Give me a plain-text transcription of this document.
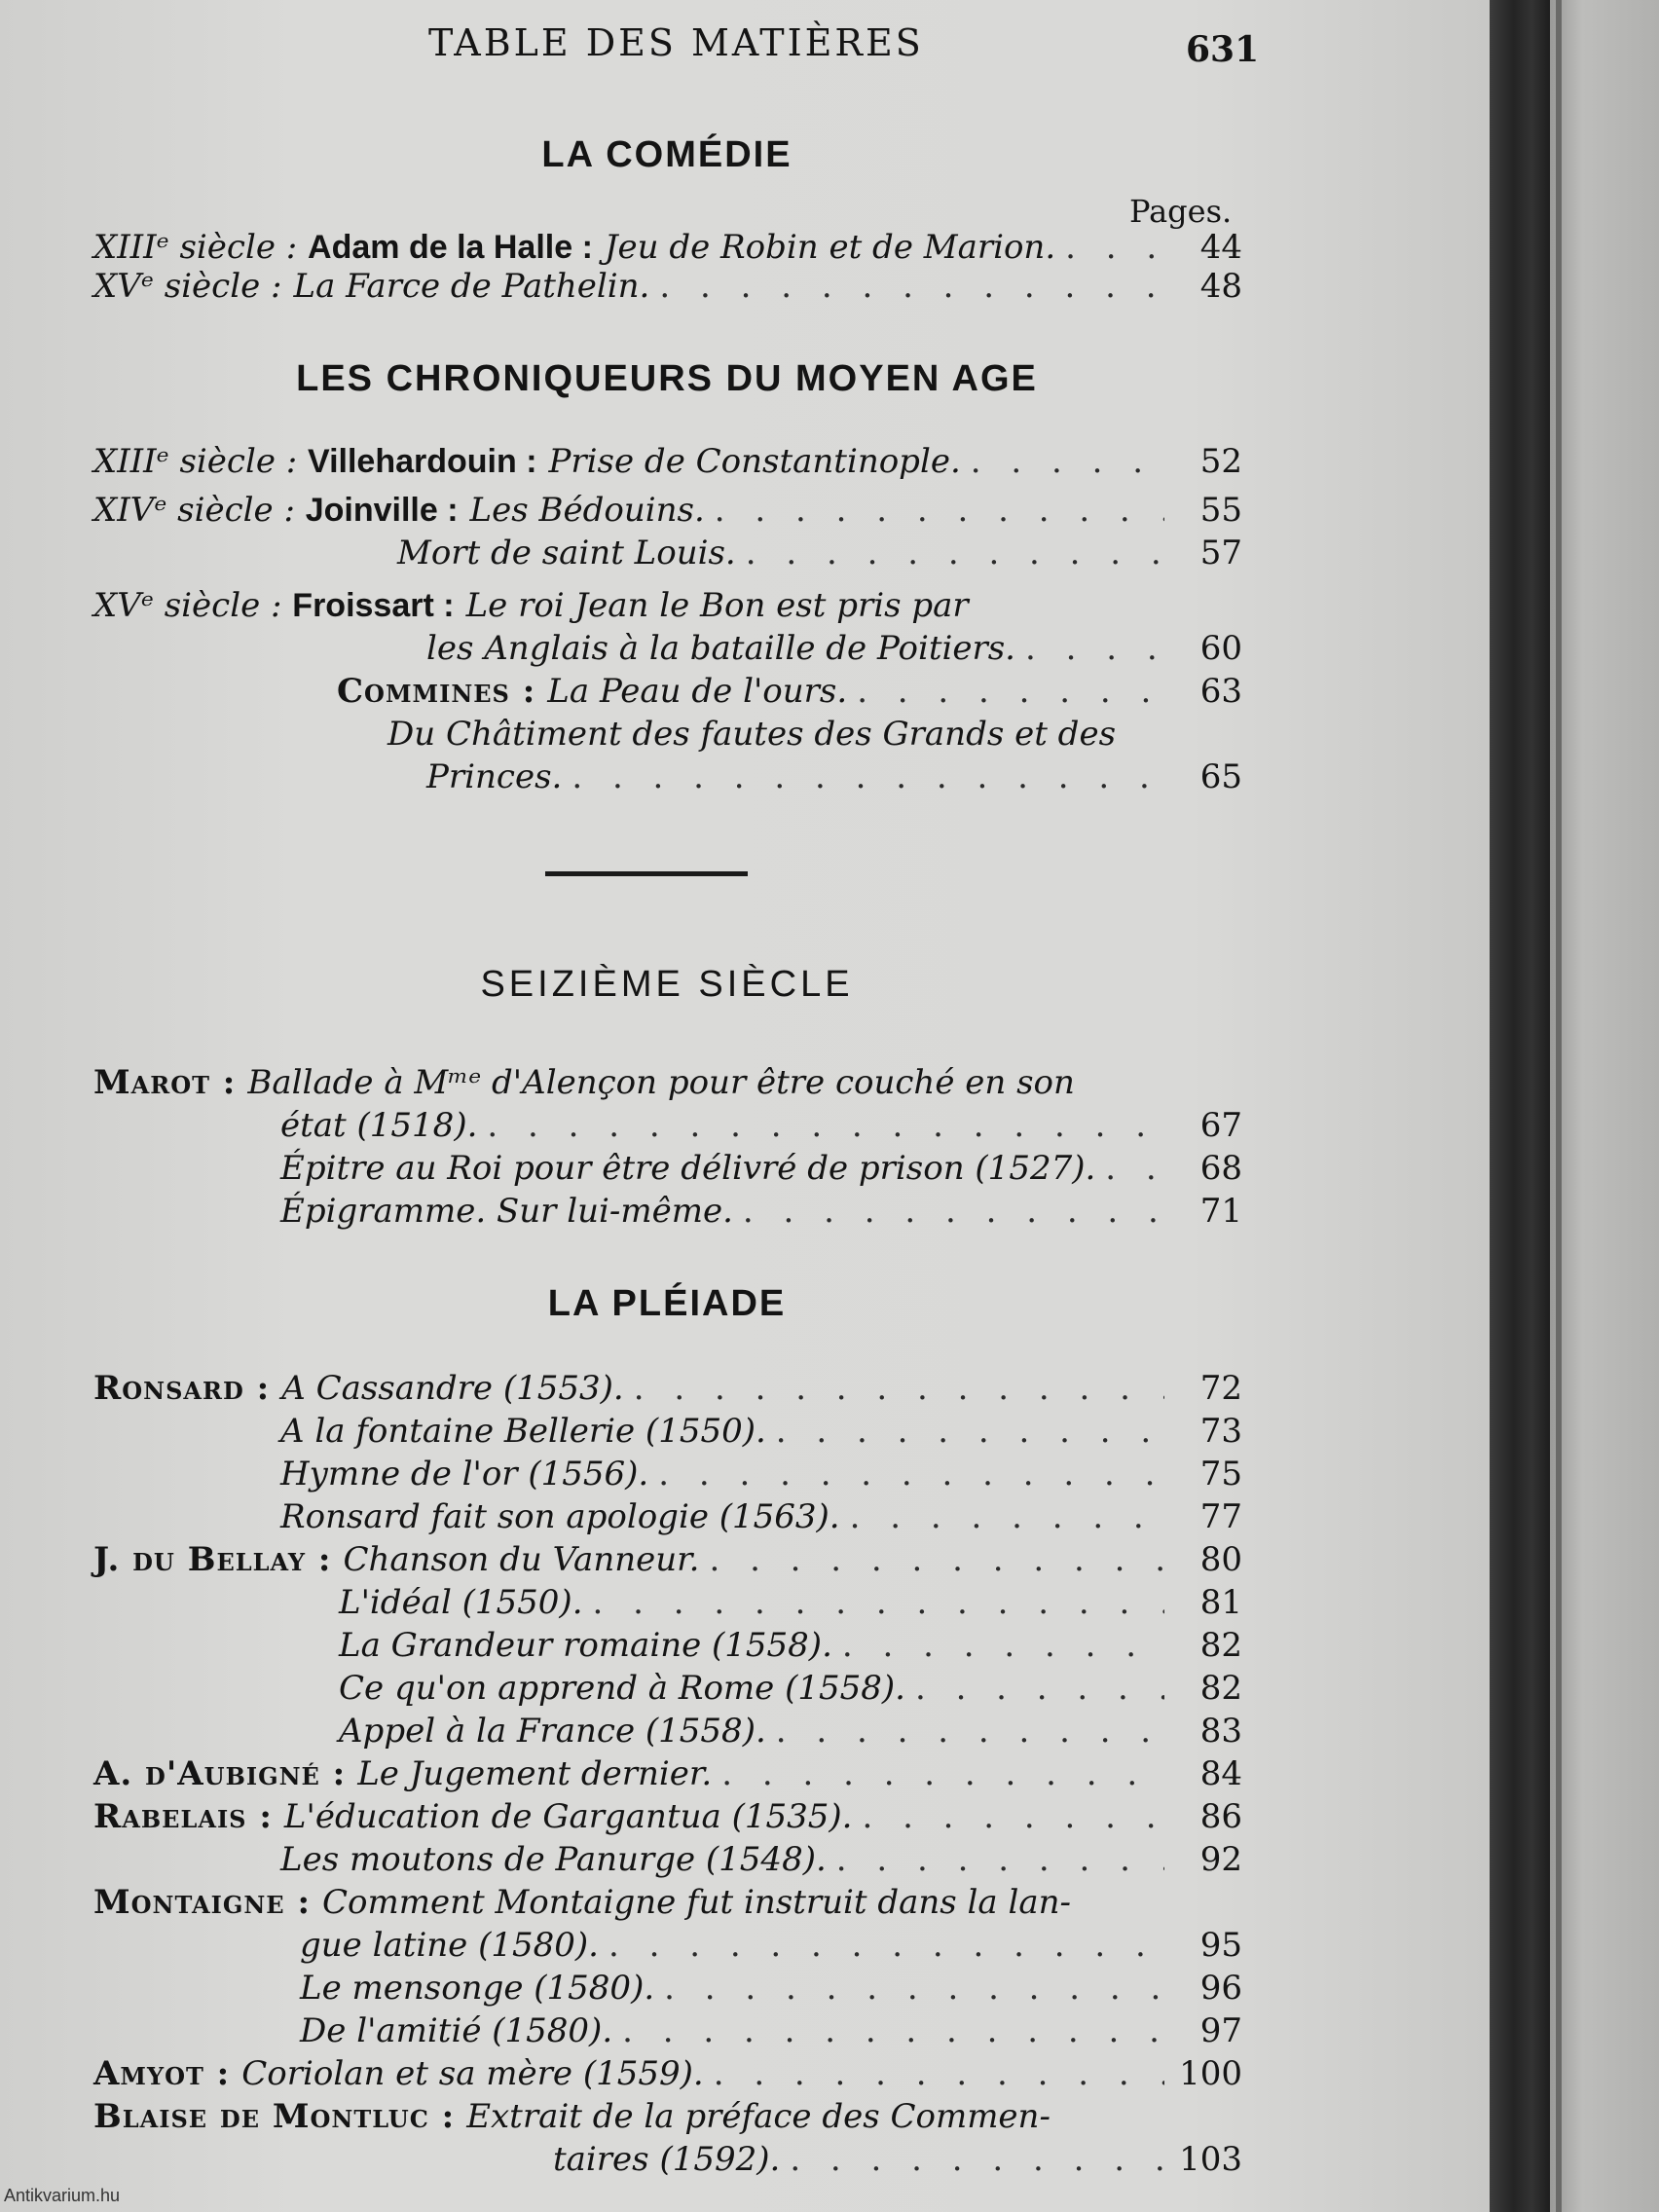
TABLE DES MATIÈRES	631
LA COMÉDIE
Pages.
LES CHRONIQUEURS DU MOYEN AGE
SEIZIÈME SIÈCLE
LA PLÉIADE
XIIIᵉ siècle : Adam de la Halle : Jeu de Robin et de Marion. . . .	44
XVᵉ siècle : La Farce de Pathelin. . . .	48
XIIIᵉ siècle : Villehardouin : Prise de Constantinople. . . .	52
XIVᵉ siècle : Joinville : Les Bédouins. . . .	55
Mort de saint Louis. . . .	57
XVᵉ siècle : Froissart : Le roi Jean le Bon est pris par
les Anglais à la bataille de Poitiers. . . .	60
Commines : La Peau de l'ours. . . .	63
Du Châtiment des fautes des Grands et des
Princes. . . .	65
Marot : Ballade à Mᵐᵉ d'Alençon pour être couché en son
état (1518). . . .	67
Épitre au Roi pour être délivré de prison (1527). . . .	68
Épigramme. Sur lui-même. . . .	71
Ronsard : A Cassandre (1553). . . .	72
A la fontaine Bellerie (1550). . . .	73
Hymne de l'or (1556). . . .	75
Ronsard fait son apologie (1563). . . .	77
J. du Bellay : Chanson du Vanneur. . . .	80
L'idéal (1550). . . .	81
La Grandeur romaine (1558). . . .	82
Ce qu'on apprend à Rome (1558). . . .	82
Appel à la France (1558). . . .	83
A. d'Aubigné : Le Jugement dernier. . . .	84
Rabelais : L'éducation de Gargantua (1535). . . .	86
Les moutons de Panurge (1548). . . .	92
Montaigne : Comment Montaigne fut instruit dans la lan-
gue latine (1580). . . .	95
Le mensonge (1580). . . .	96
De l'amitié (1580). . . .	97
Amyot : Coriolan et sa mère (1559). . . .	100
Blaise de Montluc : Extrait de la préface des Commen-
taires (1592). . . .	103
Antikvarium.hu
